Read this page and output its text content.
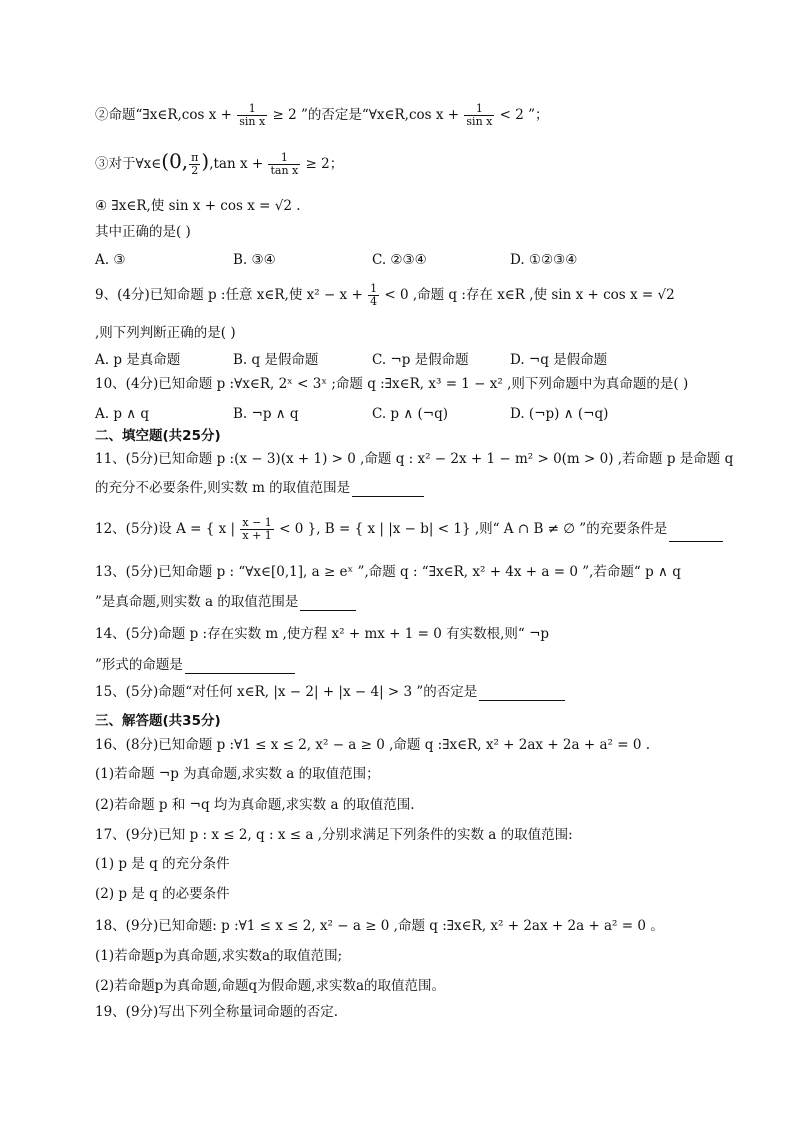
②命题“∃x∈R,cos $x + \frac{1}{\text{sin x}} \ge 2$ ”的否定是“∀x∈R,cos $x + \frac{1}{\text{sin x}} < 2$ ”；
③对于∀x∈(0, $\frac{\pi}{2} ),\tan$ $x + \frac{1}{\text{tan x}} \ge 2$；
④ ∃x∈R,使 sin x + cos x = √2 .
其中正确的是( )
A. ③	B. ③④	C. ②③④	D. ①②③④
9、(4分)已知命题 p :任意 x∈R,使 $x^2 - x + \frac{1}{4} < 0$ ,命题 q :存在 x∈R ,使 sin x + cos x = √2
,则下列判断正确的是( )
A. p 是真命题	B. q 是假命题	C. ¬p 是假命题	D. ¬q 是假命题
10、(4分)已知命题 p :∀x∈R, 2ˣ < 3ˣ ;命题 q :∃x∈R, x³ = 1 − x² ,则下列命题中为真命题的是( )
A. p ∧ q	B. ¬p ∧ q	C. p ∧ (¬q)	D. (¬p) ∧ (¬q)
二、填空题(共25分)
11、(5分)已知命题 p :(x − 3)(x + 1) > 0 ,命题 q : x² − 2x + 1 − m² > 0(m > 0) ,若命题 p 是命题 q
的充分不必要条件,则实数 m 的取值范围是
12、(5分)设 A = { x | $\frac{x - 1}{x + 1} < 0$ }, B = { x | |x − b| < 1} ,则“ A ∩ B ≠ ∅ ”的充要条件是
13、(5分)已知命题 p : “∀x∈[0,1], a ≥ eˣ ”,命题 q : “∃x∈R, x² + 4x + a = 0 ”,若命题“ p ∧ q
”是真命题,则实数 a 的取值范围是
14、(5分)命题 p :存在实数 m ,使方程 x² + mx + 1 = 0 有实数根,则“ ¬p
”形式的命题是
15、(5分)命题“对任何 x∈R, |x − 2| + |x − 4| > 3 ”的否定是
三、解答题(共35分)
16、(8分)已知命题 p :∀1 ≤ x ≤ 2, x² − a ≥ 0 ,命题 q :∃x∈R, x² + 2ax + 2a + a² = 0 .
(1)若命题 ¬p 为真命题,求实数 a 的取值范围；
(2)若命题 p 和 ¬q 均为真命题,求实数 a 的取值范围.
17、(9分)已知 p : x ≤ 2, q : x ≤ a ,分别求满足下列条件的实数 a 的取值范围:
(1) p 是 q 的充分条件
(2) p 是 q 的必要条件
18、(9分)已知命题: p :∀1 ≤ x ≤ 2, x² − a ≥ 0 ,命题 q :∃x∈R, x² + 2ax + 2a + a² = 0 。
(1)若命题p为真命题,求实数a的取值范围;
(2)若命题p为真命题,命题q为假命题,求实数a的取值范围。
19、(9分)写出下列全称量词命题的否定.
